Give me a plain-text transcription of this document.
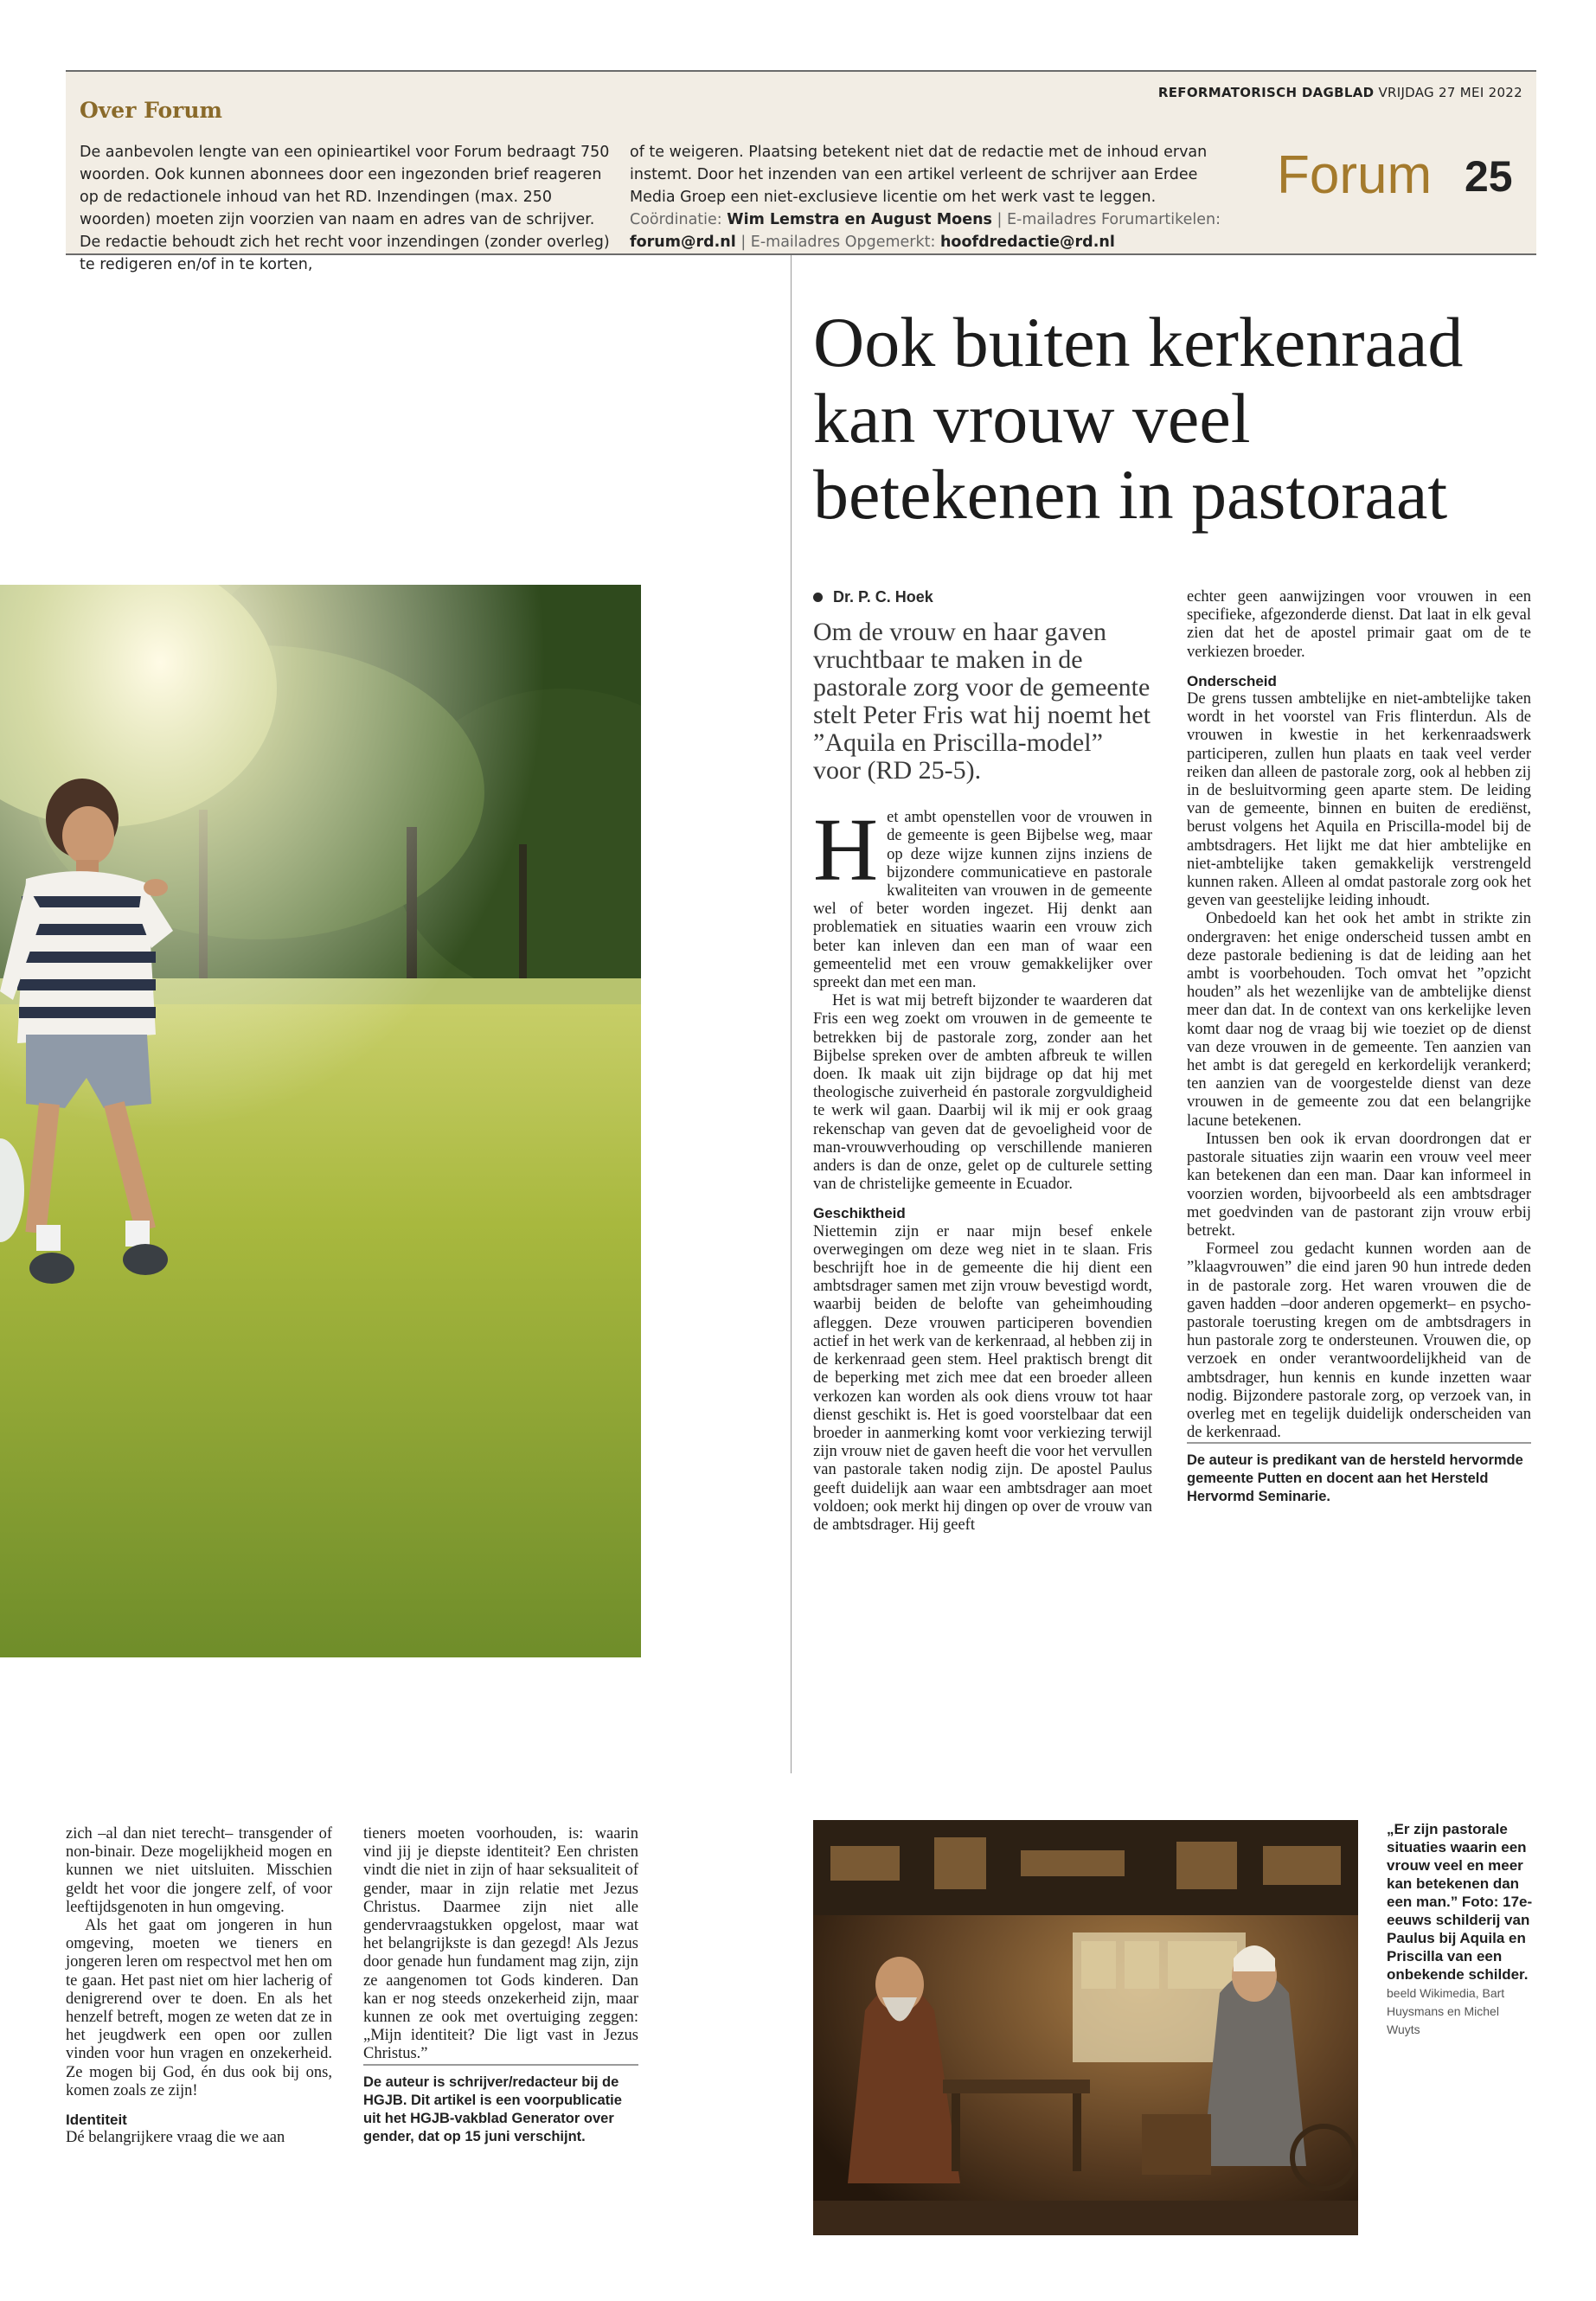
Over Forum

De aanbevolen lengte van een opinieartikel voor Forum bedraagt 750 woorden. Ook kunnen abonnees door een ingezonden brief reageren op de redactionele inhoud van het RD. Inzendingen (max. 250 woorden) moeten zijn voorzien van naam en adres van de schrijver. De redactie behoudt zich het recht voor inzendingen (zonder overleg) te redigeren en/of in te korten,

of te weigeren. Plaatsing betekent niet dat de redactie met de inhoud ervan instemt. Door het inzenden van een artikel verleent de schrijver aan Erdee Media Groep een niet-exclusieve licentie om het werk vast te leggen. Coördinatie: Wim Lemstra en August Moens | E-mailadres Forumartikelen:
forum@rd.nl | E-mailadres Opgemerkt: hoofdredactie@rd.nl

REFORMATORISCH DAGBLAD VRIJDAG 27 MEI 2022
Forum 25
Ook buiten kerkenraad
kan vrouw veel
betekenen in pastoraat
Dr. P. C. Hoek

Om de vrouw en haar gaven vruchtbaar te maken in de pastorale zorg voor de gemeente stelt Peter Fris wat hij noemt het ”Aquila en Priscilla-model” voor (RD 25-5).

Het ambt openstellen voor de vrouwen in de gemeente is geen Bijbelse weg, maar op deze wijze kunnen zijns inziens de bijzondere communicatieve en pastorale kwaliteiten van vrouwen in de gemeente wel of beter worden ingezet. Hij denkt aan problematiek en situaties waarin een vrouw zich beter kan inleven dan een man of waar een gemeentelid met een vrouw gemakkelijker over spreekt dan met een man.

Het is wat mij betreft bijzonder te waarderen dat Fris een weg zoekt om vrouwen in de gemeente te betrekken bij de pastorale zorg, zonder aan het Bijbelse spreken over de ambten afbreuk te willen doen. Ik maak uit zijn bijdrage op dat hij met theologische zuiverheid én pastorale zorgvuldigheid te werk wil gaan. Daarbij wil ik mij er ook graag rekenschap van geven dat de gevoeligheid voor de man-vrouwverhouding op verschillende manieren anders is dan de onze, gelet op de culturele setting van de christelijke gemeente in Ecuador.

Geschiktheid

Niettemin zijn er naar mijn besef enkele overwegingen om deze weg niet in te slaan. Fris beschrijft hoe in de gemeente die hij dient een ambtsdrager samen met zijn vrouw bevestigd wordt, waarbij beiden de belofte van geheimhouding afleggen. Deze vrouwen participeren bovendien actief in het werk van de kerkenraad, al hebben zij in de kerkenraad geen stem. Heel praktisch brengt dit de beperking met zich mee dat een broeder alleen verkozen kan worden als ook diens vrouw tot haar dienst geschikt is. Het is goed voorstelbaar dat een broeder in aanmerking komt voor verkiezing terwijl zijn vrouw niet de gaven heeft die voor het vervullen van pastorale taken nodig zijn. De apostel Paulus geeft duidelijk aan waar een ambtsdrager aan moet voldoen; ook merkt hij dingen op over de vrouw van de ambtsdrager. Hij geeft

echter geen aanwijzingen voor vrouwen in een specifieke, afgezonderde dienst. Dat laat in elk geval zien dat het de apostel primair gaat om de te verkiezen broeder.

Onderscheid

De grens tussen ambtelijke en niet-ambtelijke taken wordt in het voorstel van Fris flinterdun. Als de vrouwen in kwestie in het kerkenraadswerk participeren, zullen hun plaats en taak veel verder reiken dan alleen de pastorale zorg, ook al hebben zij in de besluitvorming geen aparte stem. De leiding van de gemeente, binnen en buiten de erediënst, berust volgens het Aquila en Priscilla-model bij de ambtsdragers. Het lijkt me dat hier ambtelijke en niet-ambtelijke taken gemakkelijk verstrengeld kunnen raken. Alleen al omdat pastorale zorg ook het geven van geestelijke leiding inhoudt.

Onbedoeld kan het ook het ambt in strikte zin ondergraven: het enige onderscheid tussen ambt en deze pastorale bediening is dat de leiding aan het ambt is voorbehouden. Toch omvat het ”opzicht houden” als het wezenlijke van de ambtelijke dienst meer dan dat. In de context van ons kerkelijke leven komt daar nog de vraag bij wie toeziet op de dienst van deze vrouwen in de gemeente. Ten aanzien van het ambt is dat geregeld en kerkordelijk verankerd; ten aanzien van de voorgestelde dienst van deze vrouwen in de gemeente zou dat een belangrijke lacune betekenen.

Intussen ben ook ik ervan doordrongen dat er pastorale situaties zijn waarin een vrouw veel meer kan betekenen dan een man. Daar kan informeel in voorzien worden, bijvoorbeeld als een ambtsdrager met goedvinden van de pastorant zijn vrouw erbij betrekt.

Formeel zou gedacht kunnen worden aan de ”klaagvrouwen” die eind jaren 90 hun intrede deden in de pastorale zorg. Het waren vrouwen die de gaven hadden –door anderen opgemerkt– en psycho-pastorale toerusting kregen om de ambtsdragers in hun pastorale zorg te ondersteunen. Vrouwen die, op verzoek en onder verantwoordelijkheid van de ambtsdrager, hun kennis en kunde inzetten waar nodig. Bijzondere pastorale zorg, op verzoek van, in overleg met en tegelijk duidelijk onderscheiden van de kerkenraad.

De auteur is predikant van de hersteld hervormde gemeente Putten en docent aan het Hersteld Hervormd Seminarie.

zich –al dan niet terecht– transgender of non-binair. Deze mogelijkheid mogen en kunnen we niet uitsluiten. Misschien geldt het voor die jongere zelf, of voor leeftijdsgenoten in hun omgeving.

Als het gaat om jongeren in hun omgeving, moeten we tieners en jongeren leren om respectvol met hen om te gaan. Het past niet om hier lacherig of denigrerend over te doen. En als het henzelf betreft, mogen ze weten dat ze in het jeugdwerk een open oor zullen vinden voor hun vragen en onzekerheid. Ze mogen bij God, én dus ook bij ons, komen zoals ze zijn!

Identiteit

Dé belangrijkere vraag die we aan

tieners moeten voorhouden, is: waarin vind jij je diepste identiteit? Een christen vindt die niet in zijn of haar seksualiteit of gender, maar in zijn relatie met Jezus Christus. Daarmee zijn niet alle gendervraagstukken opgelost, maar wat het belangrijkste is dan gezegd! Als Jezus door genade hun fundament mag zijn, zijn ze aangenomen tot Gods kinderen. Dan kan er nog steeds onzekerheid zijn, maar kunnen ze ook met overtuiging zeggen: „Mijn identiteit? Die ligt vast in Jezus Christus.”

De auteur is schrijver/redacteur bij de HGJB. Dit artikel is een voorpublicatie uit het HGJB-vakblad Generator over gender, dat op 15 juni verschijnt.

„Er zijn pastorale situaties waarin een vrouw veel en meer kan betekenen dan een man.” Foto: 17e-eeuws schilderij van Paulus bij Aquila en Priscilla van een onbekende schilder. beeld Wikimedia, Bart Huysmans en Michel Wuyts
